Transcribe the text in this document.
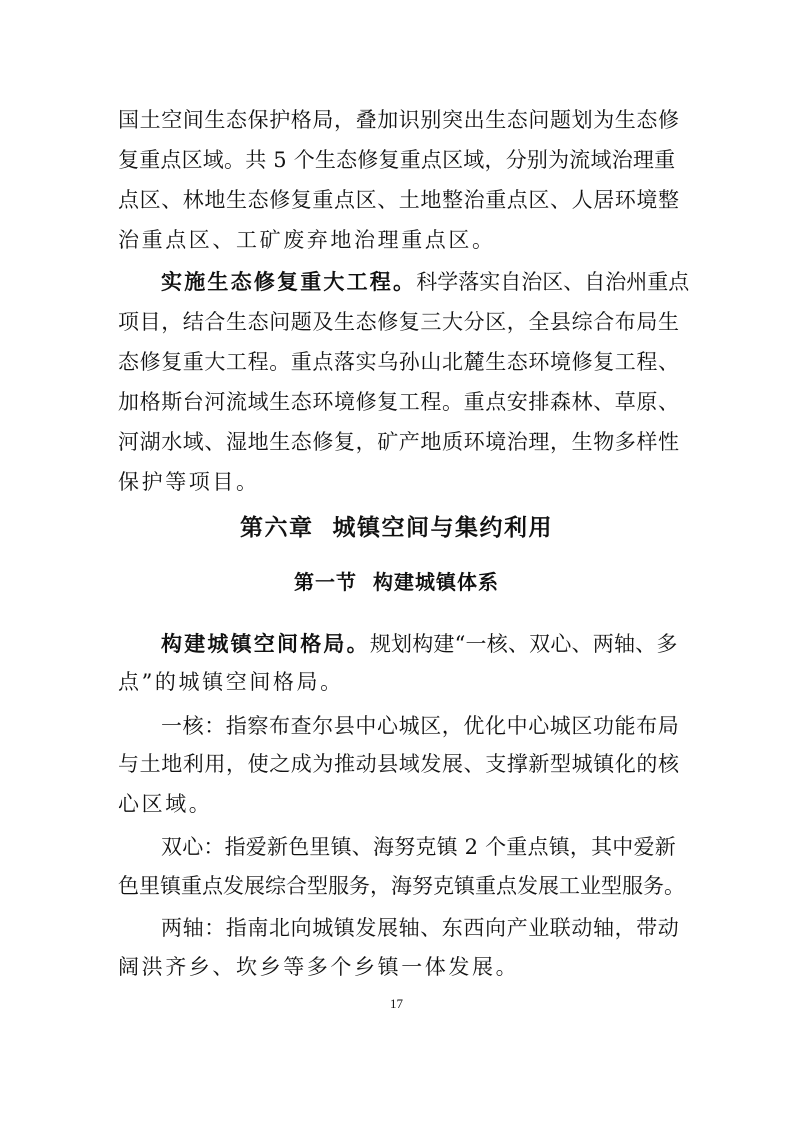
国土空间生态保护格局，叠加识别突出生态问题划为生态修

复重点区域。共 5 个生态修复重点区域，分别为流域治理重

点区、林地生态修复重点区、土地整治重点区、人居环境整

治重点区、工矿废弃地治理重点区。

实施生态修复重大工程。科学落实自治区、自治州重点

项目，结合生态问题及生态修复三大分区，全县综合布局生

态修复重大工程。重点落实乌孙山北麓生态环境修复工程、

加格斯台河流域生态环境修复工程。重点安排森林、草原、

河湖水域、湿地生态修复，矿产地质环境治理，生物多样性

保护等项目。

第六章  城镇空间与集约利用
第一节  构建城镇体系

构建城镇空间格局。规划构建“一核、双心、两轴、多

点”的城镇空间格局。

一核：指察布查尔县中心城区，优化中心城区功能布局

与土地利用，使之成为推动县域发展、支撑新型城镇化的核

心区域。

双心：指爱新色里镇、海努克镇 2 个重点镇，其中爱新

色里镇重点发展综合型服务，海努克镇重点发展工业型服务。

两轴：指南北向城镇发展轴、东西向产业联动轴，带动

阔洪齐乡、坎乡等多个乡镇一体发展。

17
